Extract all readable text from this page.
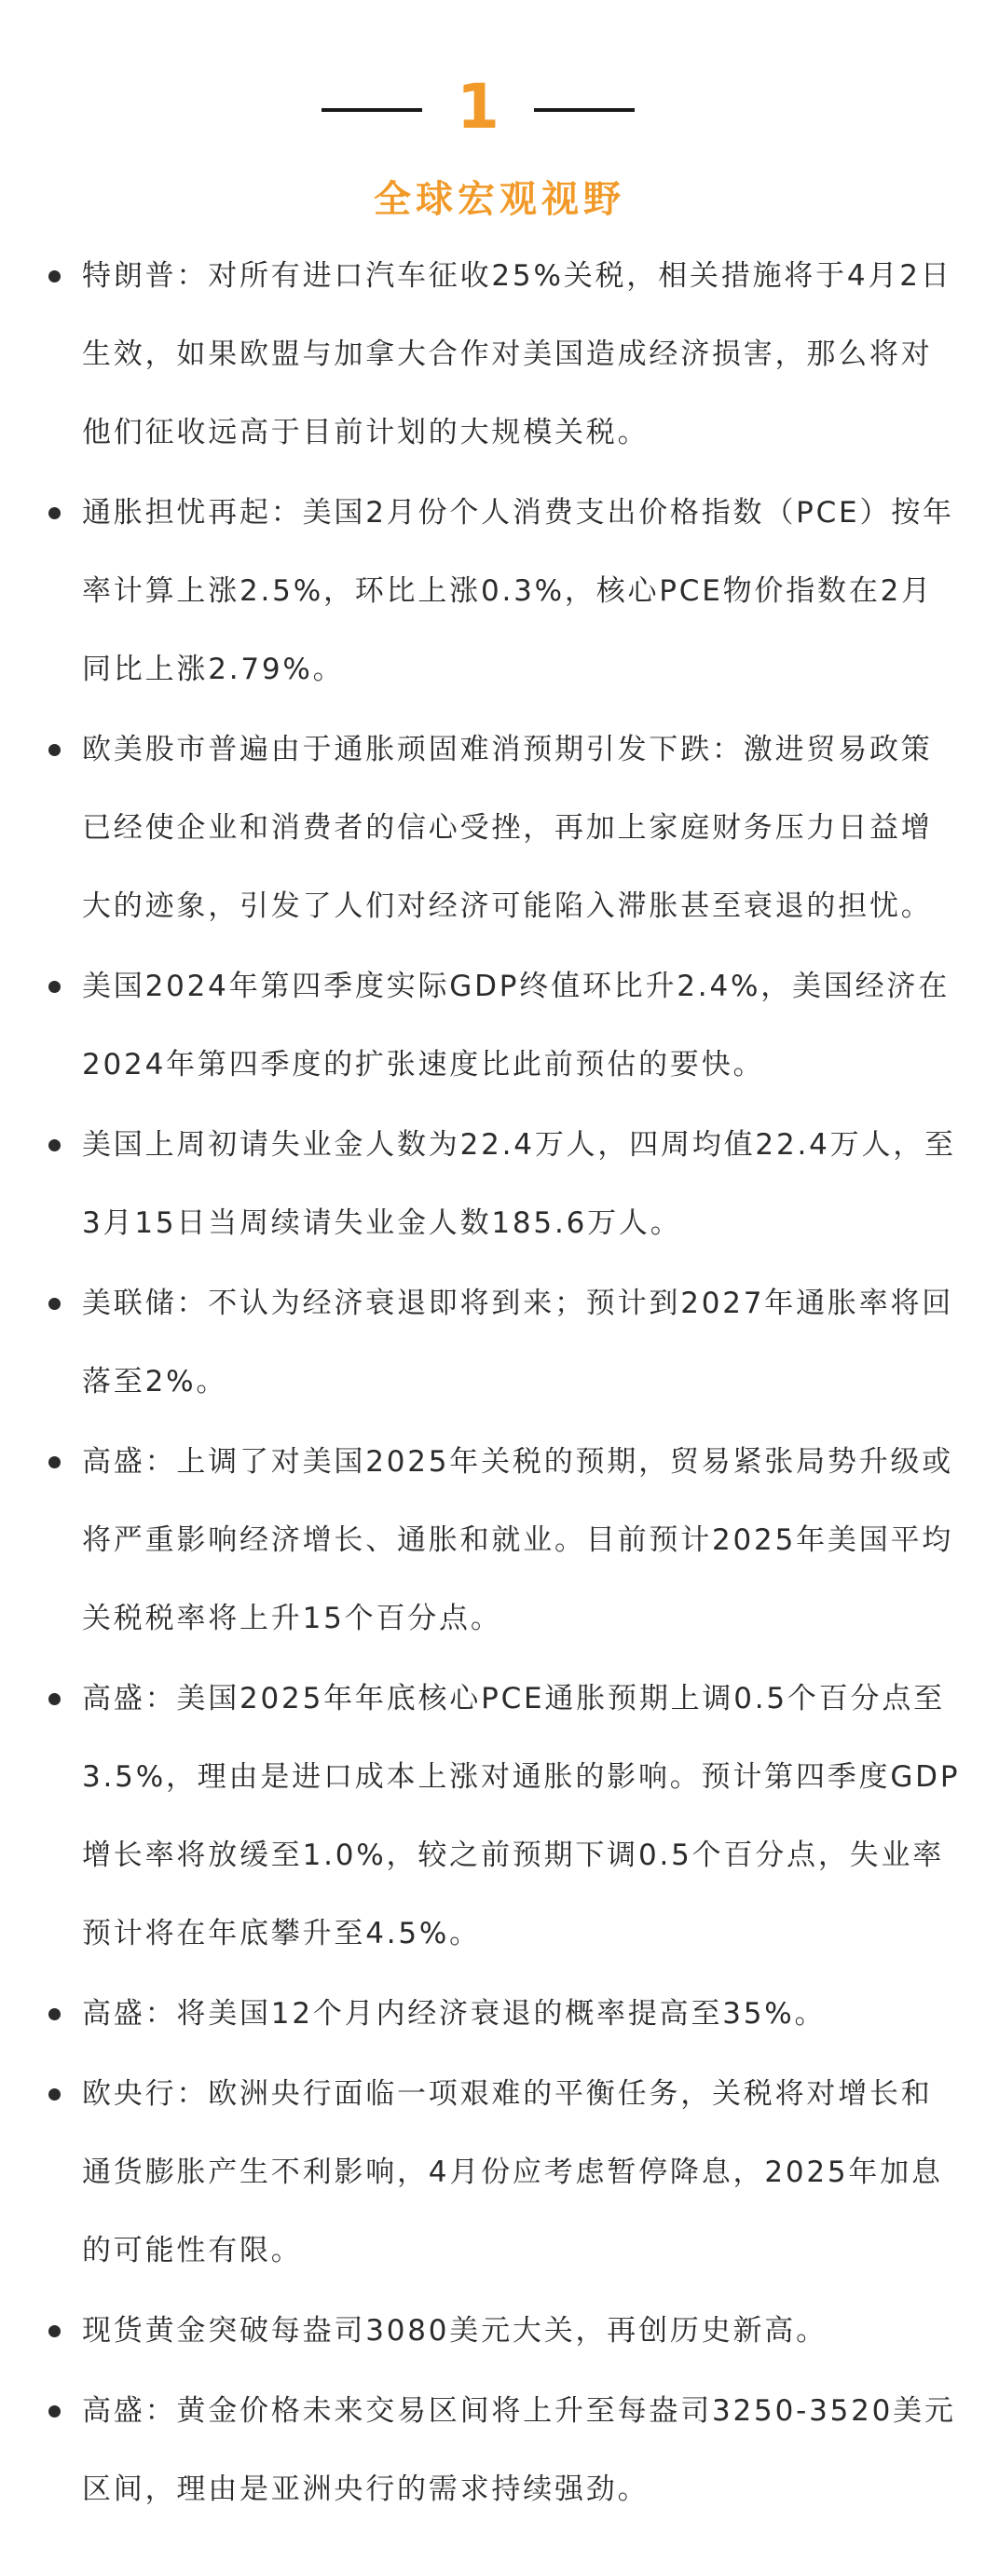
1
全球宏观视野
特朗普：对所有进口汽车征收25%关税，相关措施将于4月2日生效，如果欧盟与加拿大合作对美国造成经济损害，那么将对他们征收远高于目前计划的大规模关税。
通胀担忧再起：美国2月份个人消费支出价格指数（PCE）按年率计算上涨2.5%，环比上涨0.3%，核心PCE物价指数在2月同比上涨2.79%。
欧美股市普遍由于通胀顽固难消预期引发下跌：激进贸易政策已经使企业和消费者的信心受挫，再加上家庭财务压力日益增大的迹象，引发了人们对经济可能陷入滞胀甚至衰退的担忧。
美国2024年第四季度实际GDP终值环比升2.4%，美国经济在2024年第四季度的扩张速度比此前预估的要快。
美国上周初请失业金人数为22.4万人，四周均值22.4万人，至3月15日当周续请失业金人数185.6万人。
美联储：不认为经济衰退即将到来；预计到2027年通胀率将回落至2%。
高盛：上调了对美国2025年关税的预期，贸易紧张局势升级或将严重影响经济增长、通胀和就业。目前预计2025年美国平均关税税率将上升15个百分点。
高盛：美国2025年年底核心PCE通胀预期上调0.5个百分点至3.5%，理由是进口成本上涨对通胀的影响。预计第四季度GDP增长率将放缓至1.0%，较之前预期下调0.5个百分点，失业率预计将在年底攀升至4.5%。
高盛：将美国12个月内经济衰退的概率提高至35%。
欧央行：欧洲央行面临一项艰难的平衡任务，关税将对增长和通货膨胀产生不利影响，4月份应考虑暂停降息，2025年加息的可能性有限。
现货黄金突破每盎司3080美元大关，再创历史新高。
高盛：黄金价格未来交易区间将上升至每盎司3250-3520美元区间，理由是亚洲央行的需求持续强劲。
